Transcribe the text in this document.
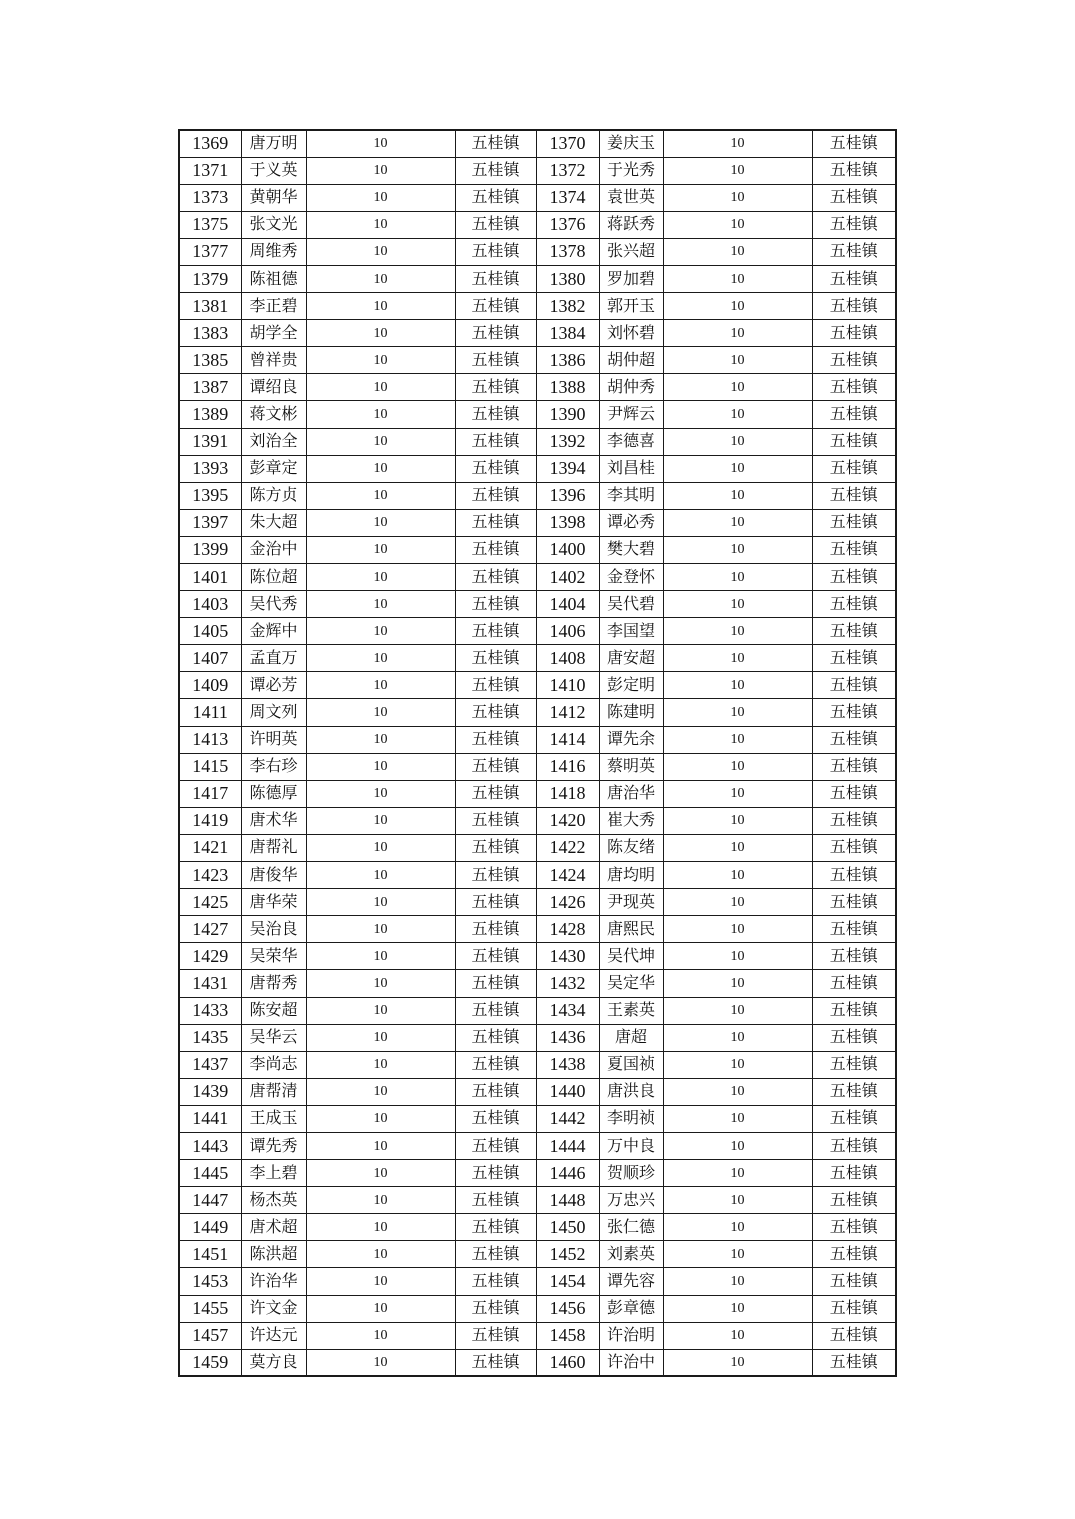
1369	唐万明	10	五桂镇	1370	姜庆玉	10	五桂镇
1371	于义英	10	五桂镇	1372	于光秀	10	五桂镇
1373	黄朝华	10	五桂镇	1374	袁世英	10	五桂镇
1375	张文光	10	五桂镇	1376	蒋跃秀	10	五桂镇
1377	周维秀	10	五桂镇	1378	张兴超	10	五桂镇
1379	陈祖德	10	五桂镇	1380	罗加碧	10	五桂镇
1381	李正碧	10	五桂镇	1382	郭开玉	10	五桂镇
1383	胡学全	10	五桂镇	1384	刘怀碧	10	五桂镇
1385	曾祥贵	10	五桂镇	1386	胡仲超	10	五桂镇
1387	谭绍良	10	五桂镇	1388	胡仲秀	10	五桂镇
1389	蒋文彬	10	五桂镇	1390	尹辉云	10	五桂镇
1391	刘治全	10	五桂镇	1392	李德喜	10	五桂镇
1393	彭章定	10	五桂镇	1394	刘昌桂	10	五桂镇
1395	陈方贞	10	五桂镇	1396	李其明	10	五桂镇
1397	朱大超	10	五桂镇	1398	谭必秀	10	五桂镇
1399	金治中	10	五桂镇	1400	樊大碧	10	五桂镇
1401	陈位超	10	五桂镇	1402	金登怀	10	五桂镇
1403	吴代秀	10	五桂镇	1404	吴代碧	10	五桂镇
1405	金辉中	10	五桂镇	1406	李国望	10	五桂镇
1407	孟直万	10	五桂镇	1408	唐安超	10	五桂镇
1409	谭必芳	10	五桂镇	1410	彭定明	10	五桂镇
1411	周文列	10	五桂镇	1412	陈建明	10	五桂镇
1413	许明英	10	五桂镇	1414	谭先余	10	五桂镇
1415	李右珍	10	五桂镇	1416	蔡明英	10	五桂镇
1417	陈德厚	10	五桂镇	1418	唐治华	10	五桂镇
1419	唐术华	10	五桂镇	1420	崔大秀	10	五桂镇
1421	唐帮礼	10	五桂镇	1422	陈友绪	10	五桂镇
1423	唐俊华	10	五桂镇	1424	唐均明	10	五桂镇
1425	唐华荣	10	五桂镇	1426	尹现英	10	五桂镇
1427	吴治良	10	五桂镇	1428	唐熙民	10	五桂镇
1429	吴荣华	10	五桂镇	1430	吴代坤	10	五桂镇
1431	唐帮秀	10	五桂镇	1432	吴定华	10	五桂镇
1433	陈安超	10	五桂镇	1434	王素英	10	五桂镇
1435	吴华云	10	五桂镇	1436	唐超	10	五桂镇
1437	李尚志	10	五桂镇	1438	夏国祯	10	五桂镇
1439	唐帮清	10	五桂镇	1440	唐洪良	10	五桂镇
1441	王成玉	10	五桂镇	1442	李明祯	10	五桂镇
1443	谭先秀	10	五桂镇	1444	万中良	10	五桂镇
1445	李上碧	10	五桂镇	1446	贺顺珍	10	五桂镇
1447	杨杰英	10	五桂镇	1448	万忠兴	10	五桂镇
1449	唐术超	10	五桂镇	1450	张仁德	10	五桂镇
1451	陈洪超	10	五桂镇	1452	刘素英	10	五桂镇
1453	许治华	10	五桂镇	1454	谭先容	10	五桂镇
1455	许文金	10	五桂镇	1456	彭章德	10	五桂镇
1457	许达元	10	五桂镇	1458	许治明	10	五桂镇
1459	莫方良	10	五桂镇	1460	许治中	10	五桂镇
